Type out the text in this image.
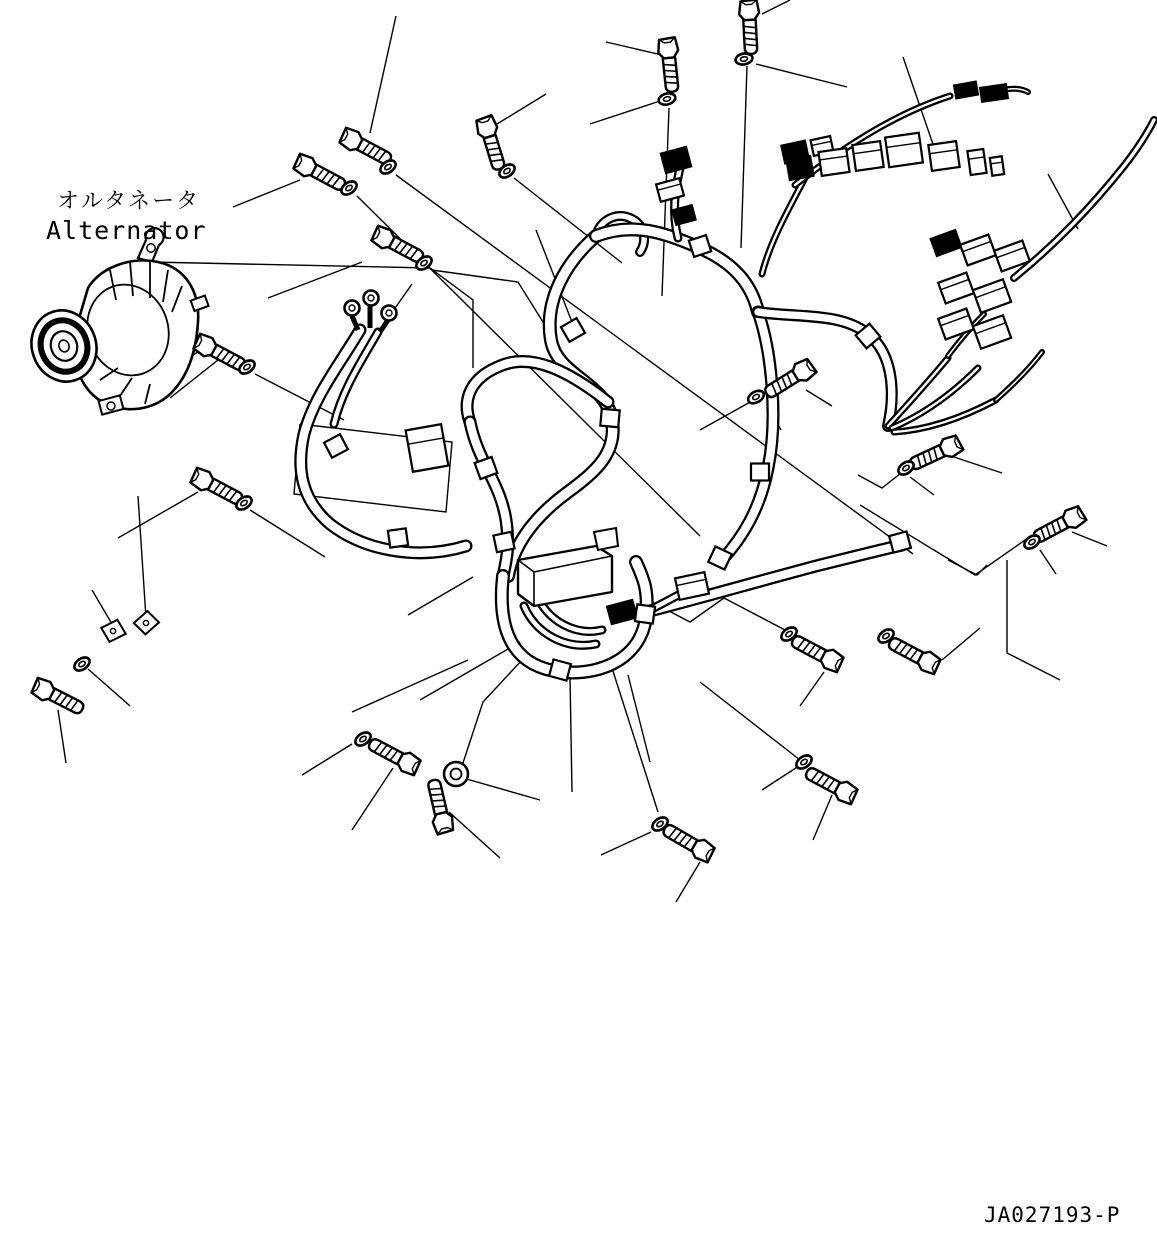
オルタネータ
Alternator
JA027193-P
